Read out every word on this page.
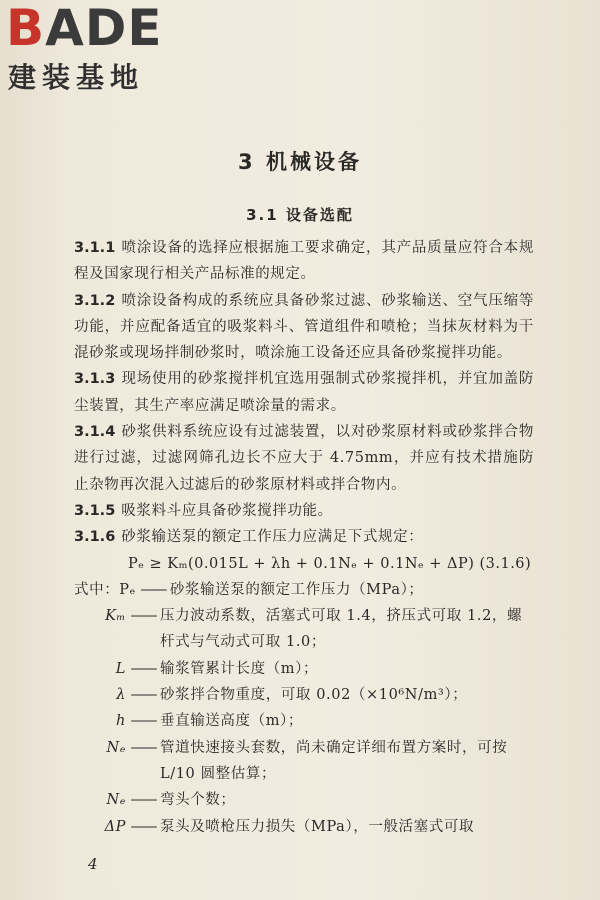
BADE
建装基地
3 机械设备
3.1 设备选配

3.1.1 喷涂设备的选择应根据施工要求确定，其产品质量应符合本规程及国家现行相关产品标准的规定。

3.1.2 喷涂设备构成的系统应具备砂浆过滤、砂浆输送、空气压缩等功能，并应配备适宜的吸浆料斗、管道组件和喷枪；当抹灰材料为干混砂浆或现场拌制砂浆时，喷涂施工设备还应具备砂浆搅拌功能。

3.1.3 现场使用的砂浆搅拌机宜选用强制式砂浆搅拌机，并宜加盖防尘装置，其生产率应满足喷涂量的需求。

3.1.4 砂浆供料系统应设有过滤装置，以对砂浆原材料或砂浆拌合物进行过滤，过滤网筛孔边长不应大于 4.75mm，并应有技术措施防止杂物再次混入过滤后的砂浆原材料或拌合物内。

3.1.5 吸浆料斗应具备砂浆搅拌功能。

3.1.6 砂浆输送泵的额定工作压力应满足下式规定：

Pₑ ≥ Kₘ(0.015L + λh + 0.1Nₑ + 0.1Nₑ + ΔP) (3.1.6)
式中：Pₑ —— 砂浆输送泵的额定工作压力（MPa）；
Kₘ —— 压力波动系数，活塞式可取 1.4，挤压式可取 1.2，螺杆式与气动式可取 1.0；
L —— 输浆管累计长度（m）；
λ —— 砂浆拌合物重度，可取 0.02（×10⁶N/m³）；
h —— 垂直输送高度（m）；
Nₑ —— 管道快速接头套数，尚未确定详细布置方案时，可按 L/10 圆整估算；
Nₑ —— 弯头个数；
ΔP —— 泵头及喷枪压力损失（MPa），一般活塞式可取
4
